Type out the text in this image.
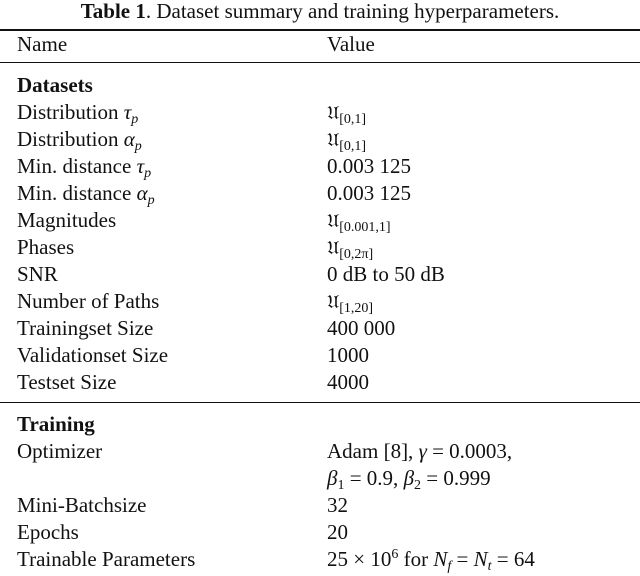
Table 1. Dataset summary and training hyperparameters.
Name	Value
Datasets
Distribution $\tau_p$	𝔘$_{[0,1]}$
Distribution $\alpha_p$	𝔘$_{[0,1]}$
Min. distance $\tau_p$	0.003 125
Min. distance $\alpha_p$	0.003 125
Magnitudes	𝔘$_{[0.001,1]}$
Phases	𝔘$_{[0,2\pi]}$
SNR	0 dB to 50 dB
Number of Paths	𝔘$_{[1,20]}$
Trainingset Size	400 000
Validationset Size	1000
Testset Size	4000
Training
Optimizer	Adam [8], γ = 0.0003,
$\beta_1 = 0.9$, $\beta_2 = 0.999$
Mini-Batchsize	32
Epochs	20
Trainable Parameters	$25 \times 10^6$ for $N_f = N_t = 64$
